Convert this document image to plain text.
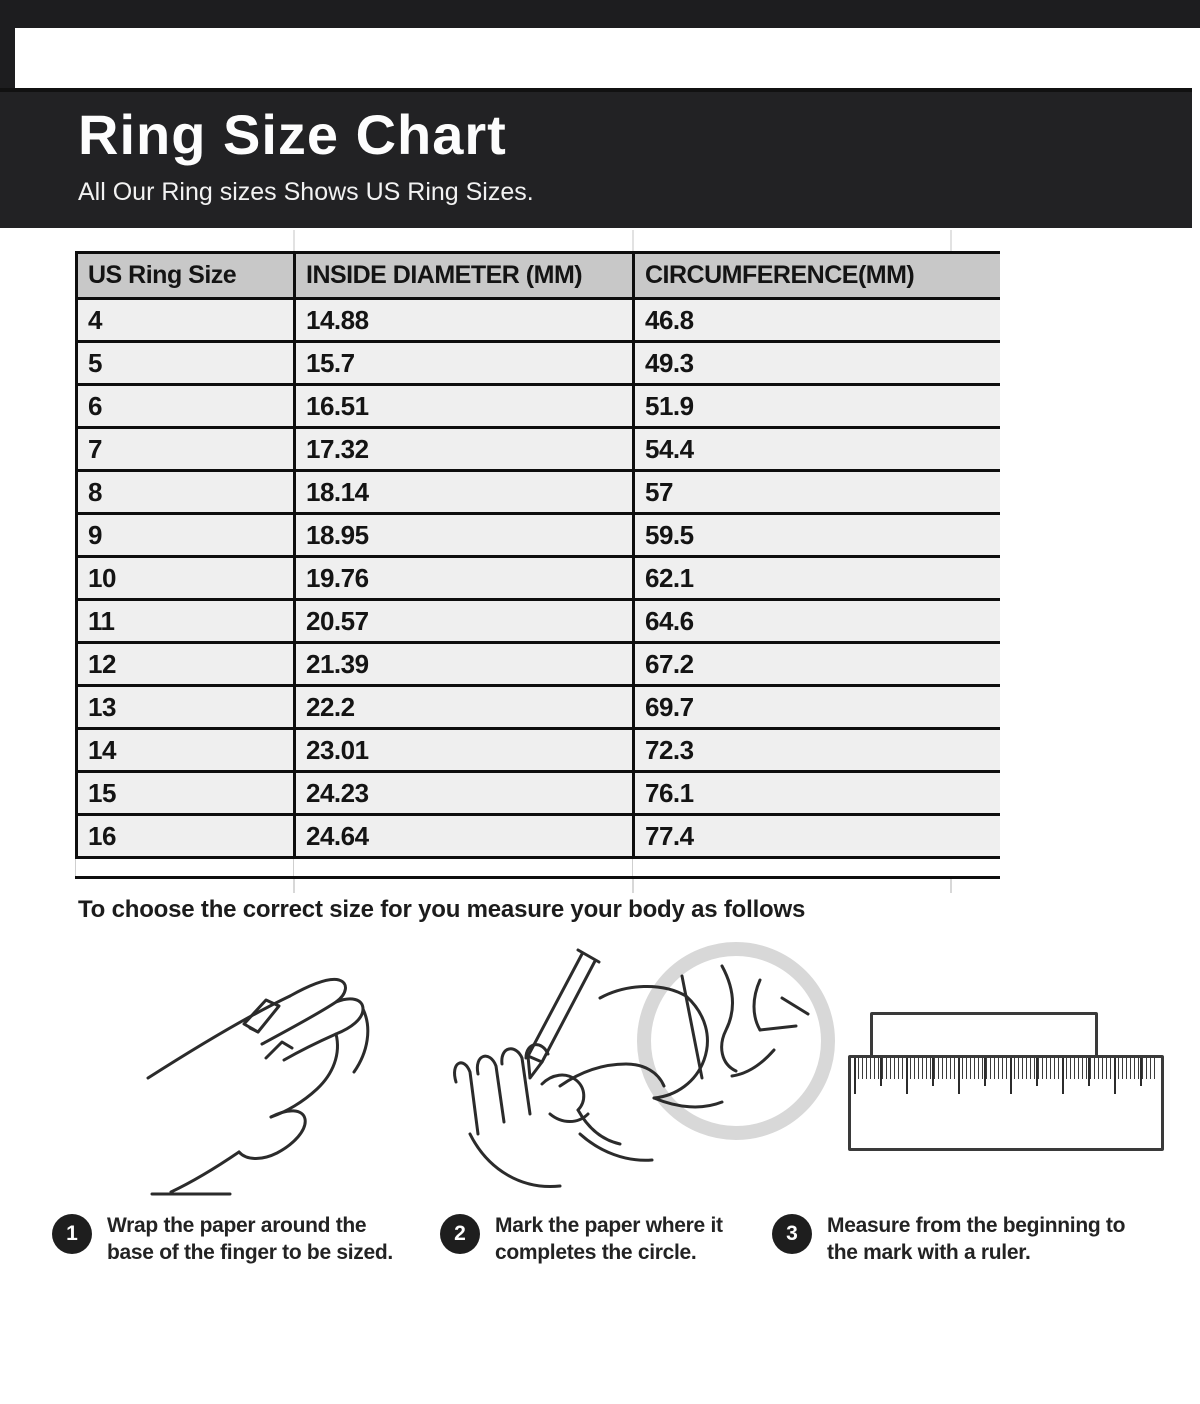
Ring Size Chart
All Our Ring sizes Shows US Ring Sizes.
US Ring Size	INSIDE DIAMETER (MM)	CIRCUMFERENCE(MM)
4	14.88	46.8
5	15.7	49.3
6	16.51	51.9
7	17.32	54.4
8	18.14	57
9	18.95	59.5
10	19.76	62.1
11	20.57	64.6
12	21.39	67.2
13	22.2	69.7
14	23.01	72.3
15	24.23	76.1
16	24.64	77.4
To choose the correct size for you measure your body as follows
1	Wrap the paper around the
base of the finger to be sized.
2	Mark the paper where it
completes the circle.
3	Measure from the beginning to
the mark with a ruler.
